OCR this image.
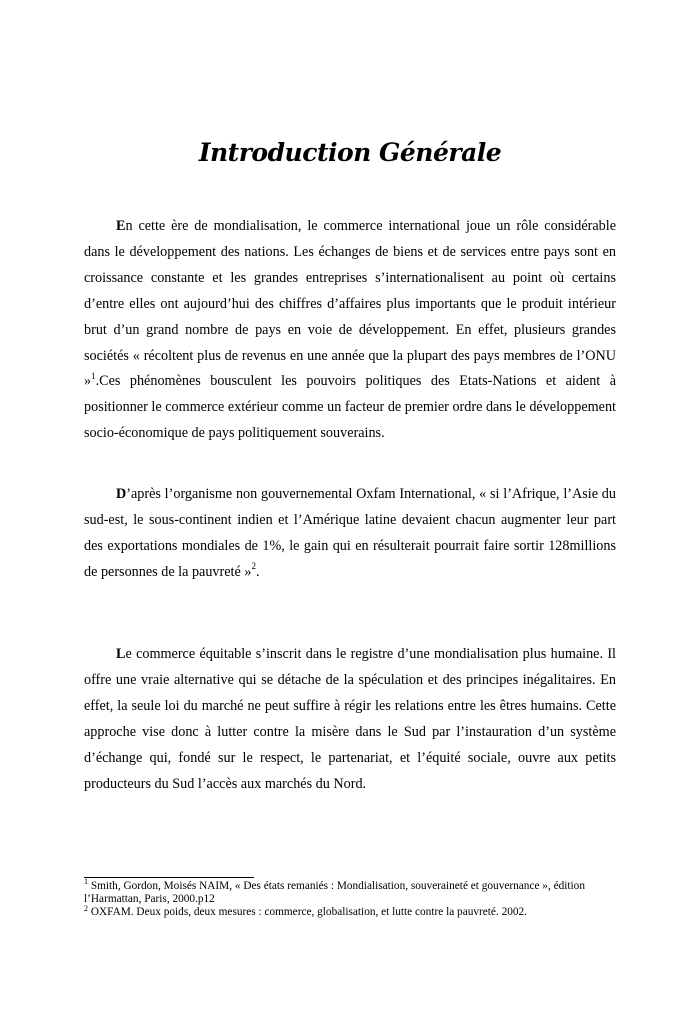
Introduction Générale

En cette ère de mondialisation, le commerce international joue un rôle considérable dans le développement des nations. Les échanges de biens et de services entre pays sont en croissance constante et les grandes entreprises s’internationalisent au point où certains d’entre elles ont aujourd’hui des chiffres d’affaires plus importants que le produit intérieur brut d’un grand nombre de pays en voie de développement. En effet, plusieurs grandes sociétés « récoltent plus de revenus en une année que la plupart des pays membres de l’ONU »$^1$.Ces phénomènes bousculent les pouvoirs politiques des Etats-Nations et aident à positionner le commerce extérieur comme un facteur de premier ordre dans le développement socio-économique de pays politiquement souverains.

D’après l’organisme non gouvernemental Oxfam International, « si l’Afrique, l’Asie du sud-est, le sous-continent indien et l’Amérique latine devaient chacun augmenter leur part des exportations mondiales de 1%, le gain qui en résulterait pourrait faire sortir 128millions de personnes de la pauvreté »$^2$.

Le commerce équitable s’inscrit dans le registre d’une mondialisation plus humaine. Il offre une vraie alternative qui se détache de la spéculation et des principes inégalitaires. En effet, la seule loi du marché ne peut suffire à régir les relations entre les êtres humains. Cette approche vise donc à lutter contre la misère dans le Sud par l’instauration d’un système d’échange qui, fondé sur le respect, le partenariat, et l’équité sociale, ouvre aux petits producteurs du Sud l’accès aux marchés du Nord.

$^1$ Smith, Gordon, Moisés NAIM, « Des états remaniés : Mondialisation, souveraineté et gouvernance », édition l’Harmattan, Paris, 2000.p12

$^2$ OXFAM. Deux poids, deux mesures : commerce, globalisation, et lutte contre la pauvreté. 2002.
